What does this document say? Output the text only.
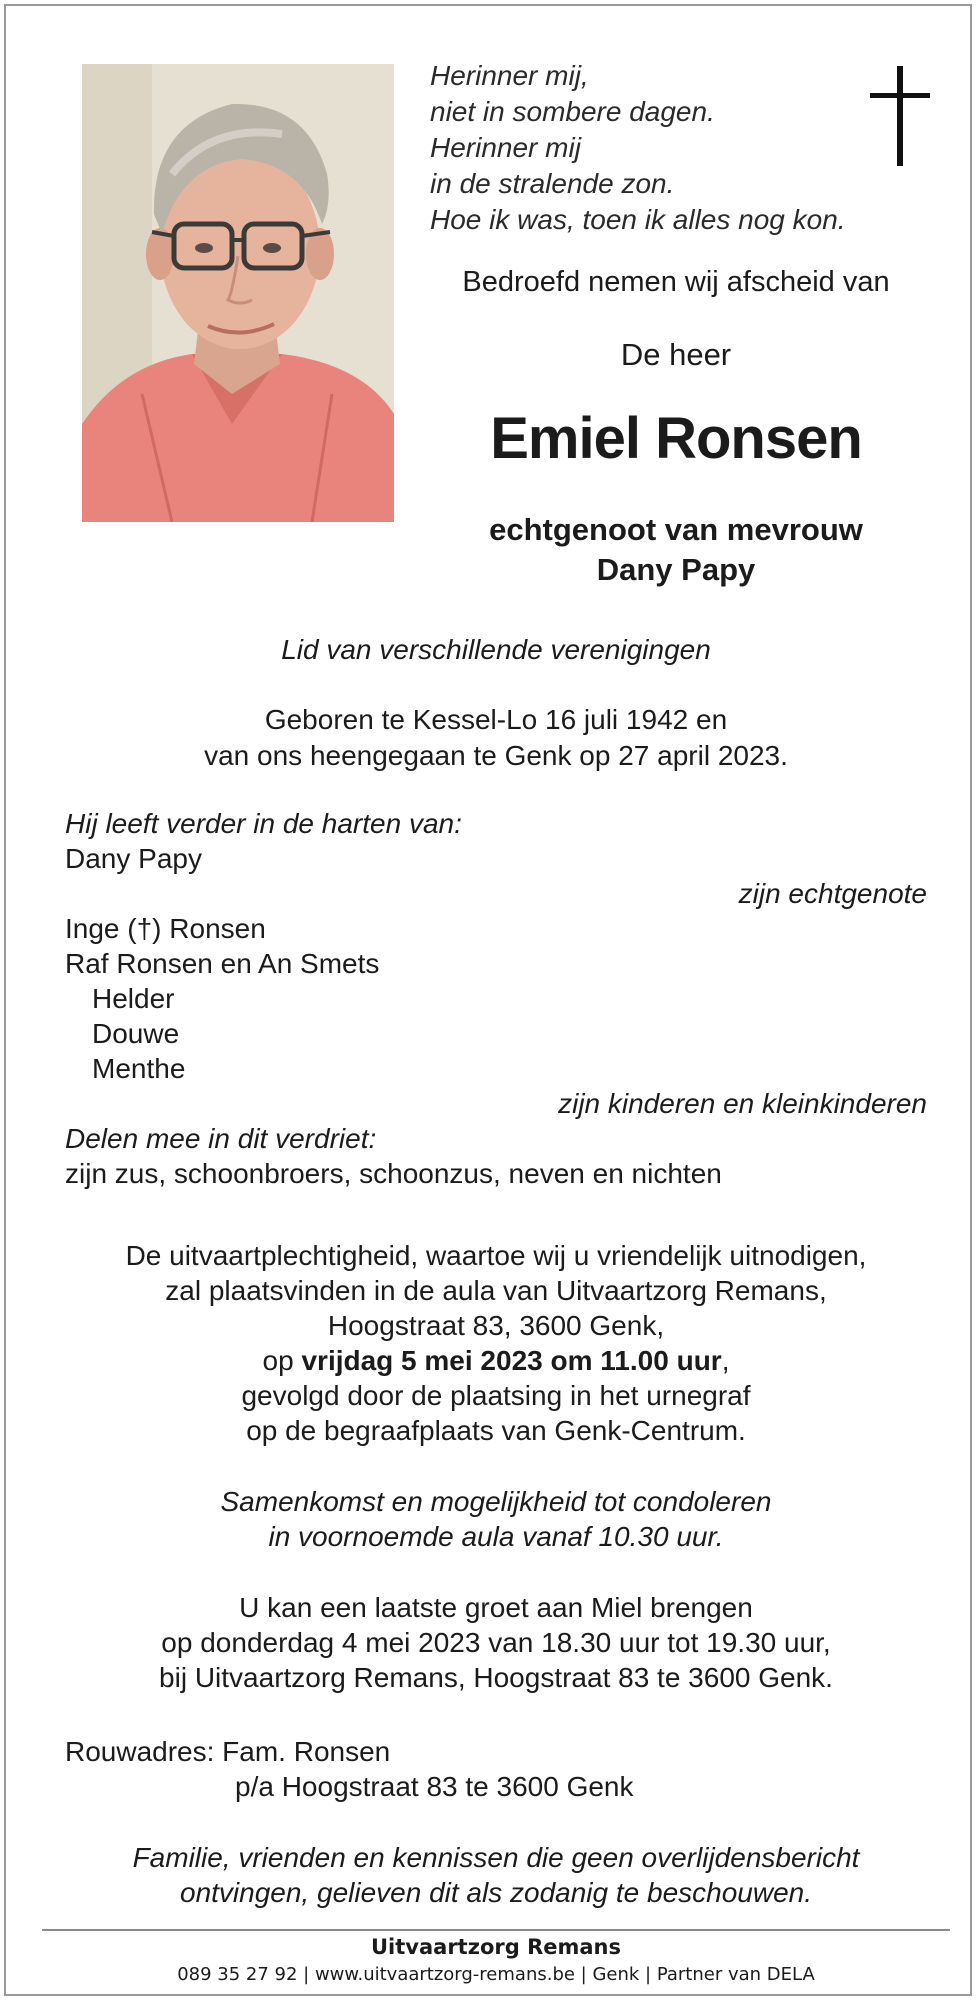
Herinner mij,
niet in sombere dagen.
Herinner mij
in de stralende zon.
Hoe ik was, toen ik alles nog kon.
Bedroefd nemen wij afscheid van
De heer
Emiel Ronsen
echtgenoot van mevrouw
Dany Papy
Lid van verschillende verenigingen
Geboren te Kessel-Lo 16 juli 1942 en
van ons heengegaan te Genk op 27 april 2023.
Hij leeft verder in de harten van:
Dany Papy
zijn echtgenote
Inge (†) Ronsen
Raf Ronsen en An Smets
Helder
Douwe
Menthe
zijn kinderen en kleinkinderen
Delen mee in dit verdriet:
zijn zus, schoonbroers, schoonzus, neven en nichten
De uitvaartplechtigheid, waartoe wij u vriendelijk uitnodigen,
zal plaatsvinden in de aula van Uitvaartzorg Remans,
Hoogstraat 83, 3600 Genk,
op vrijdag 5 mei 2023 om 11.00 uur,
gevolgd door de plaatsing in het urnegraf
op de begraafplaats van Genk-Centrum.
Samenkomst en mogelijkheid tot condoleren
in voornoemde aula vanaf 10.30 uur.
U kan een laatste groet aan Miel brengen
op donderdag 4 mei 2023 van 18.30 uur tot 19.30 uur,
bij Uitvaartzorg Remans, Hoogstraat 83 te 3600 Genk.
Rouwadres: Fam. Ronsen
p/a Hoogstraat 83 te 3600 Genk
Familie, vrienden en kennissen die geen overlijdensbericht
ontvingen, gelieven dit als zodanig te beschouwen.
Uitvaartzorg Remans
089 35 27 92 | www.uitvaartzorg-remans.be | Genk | Partner van DELA
